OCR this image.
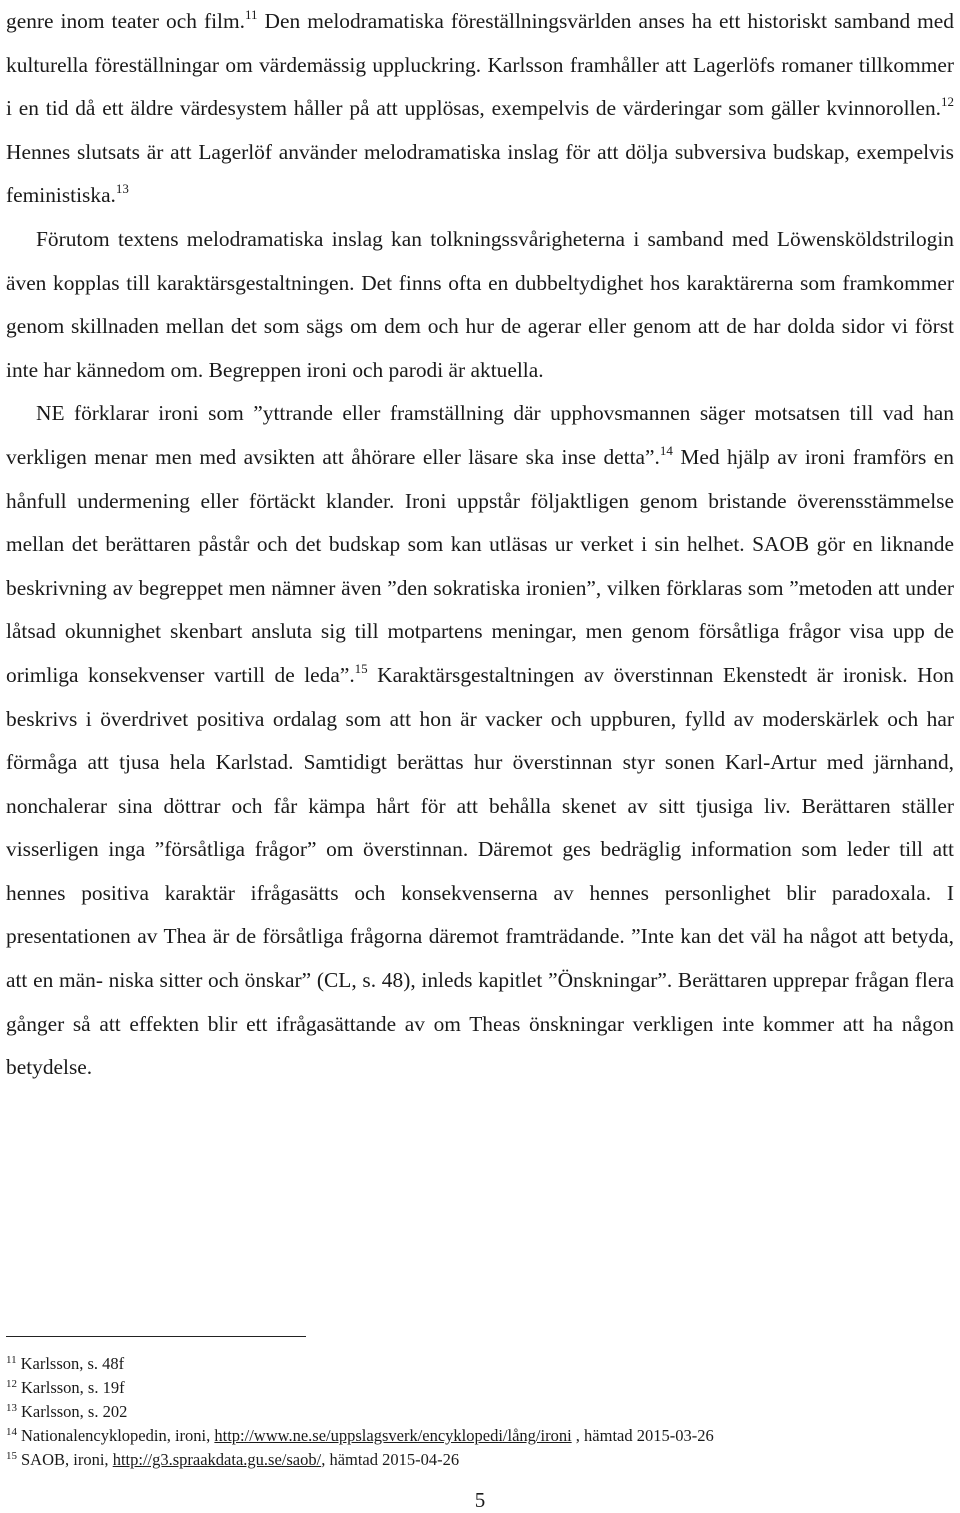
genre inom teater och film.$^{11}$ Den melodramatiska föreställningsvärlden anses ha ett historiskt samband med kulturella föreställningar om värdemässig uppluckring. Karlsson framhåller att Lagerlöfs romaner tillkommer i en tid då ett äldre värdesystem håller på att upplösas, exempelvis de värderingar som gäller kvinnorollen.$^{12}$ Hennes slutsats är att Lagerlöf använder melodramatiska inslag för att dölja subversiva budskap, exempelvis feministiska.$^{13}$

Förutom textens melodramatiska inslag kan tolkningssvårigheterna i samband med Löwensköldstrilogin även kopplas till karaktärsgestaltningen. Det finns ofta en dubbeltydighet hos karaktärerna som framkommer genom skillnaden mellan det som sägs om dem och hur de agerar eller genom att de har dolda sidor vi först inte har kännedom om. Begreppen ironi och parodi är aktuella.

NE förklarar ironi som ”yttrande eller framställning där upphovsmannen säger motsatsen till vad han verkligen menar men med avsikten att åhörare eller läsare ska inse detta”.$^{14}$ Med hjälp av ironi framförs en hånfull undermening eller förtäckt klander. Ironi uppstår följaktligen genom bristande överensstämmelse mellan det berättaren påstår och det budskap som kan utläsas ur verket i sin helhet. SAOB gör en liknande beskrivning av begreppet men nämner även ”den sokratiska ironien”, vilken förklaras som ”metoden att under låtsad okunnighet skenbart ansluta sig till motpartens meningar, men genom försåtliga frågor visa upp de orimliga konsekvenser vartill de leda”.$^{15}$ Karaktärsgestaltningen av överstinnan Ekenstedt är ironisk. Hon beskrivs i överdrivet positiva ordalag som att hon är vacker och uppburen, fylld av moderskärlek och har förmåga att tjusa hela Karlstad. Samtidigt berättas hur överstinnan styr sonen Karl-Artur med järnhand, nonchalerar sina döttrar och får kämpa hårt för att behålla skenet av sitt tjusiga liv. Berättaren ställer visserligen inga ”försåtliga frågor” om överstinnan. Däremot ges bedräglig information som leder till att hennes positiva karaktär ifrågasätts och konsekvenserna av hennes personlighet blir paradoxala. I presentationen av Thea är de försåtliga frågorna däremot framträdande. ”Inte kan det väl ha något att betyda, att en män- niska sitter och önskar” (CL, s. 48), inleds kapitlet ”Önskningar”. Berättaren upprepar frågan flera gånger så att effekten blir ett ifrågasättande av om Theas önskningar verkligen inte kommer att ha någon betydelse.

$^{11}$ Karlsson, s. 48f
$^{12}$ Karlsson, s. 19f
$^{13}$ Karlsson, s. 202
$^{14}$ Nationalencyklopedin, ironi, http://www.ne.se/uppslagsverk/encyklopedi/lång/ironi , hämtad 2015-03-26
$^{15}$ SAOB, ironi, http://g3.spraakdata.gu.se/saob/, hämtad 2015-04-26
5
